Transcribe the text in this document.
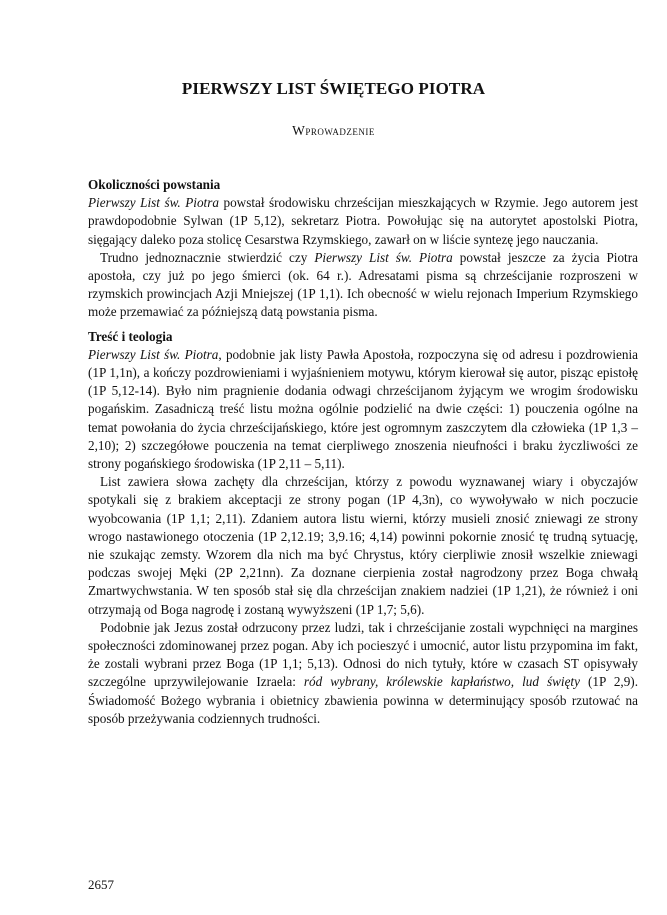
PIERWSZY LIST ŚWIĘTEGO PIOTRA
Wprowadzenie
Okoliczności powstania

Pierwszy List św. Piotra powstał środowisku chrześcijan mieszkających w Rzymie. Jego autorem jest prawdopodobnie Sylwan (1P 5,12), sekretarz Piotra. Powołując się na autorytet apostolski Piotra, sięgający daleko poza stolicę Cesarstwa Rzymskiego, zawarł on w liście syntezę jego nauczania.

Trudno jednoznacznie stwierdzić czy Pierwszy List św. Piotra powstał jeszcze za życia Piotra apostoła, czy już po jego śmierci (ok. 64 r.). Adresatami pisma są chrześcijanie rozproszeni w rzymskich prowincjach Azji Mniejszej (1P 1,1). Ich obecność w wielu rejonach Imperium Rzymskiego może przemawiać za późniejszą datą powstania pisma.

Treść i teologia

Pierwszy List św. Piotra, podobnie jak listy Pawła Apostoła, rozpoczyna się od adresu i pozdrowienia (1P 1,1n), a kończy pozdrowieniami i wyjaśnieniem motywu, którym kierował się autor, pisząc epistołę (1P 5,12-14). Było nim pragnienie dodania odwagi chrześcijanom żyjącym we wrogim środowisku pogańskim. Zasadniczą treść listu można ogólnie podzielić na dwie części: 1) pouczenia ogólne na temat powołania do życia chrześcijańskiego, które jest ogromnym zaszczytem dla człowieka (1P 1,3 – 2,10); 2) szczegółowe pouczenia na temat cierpliwego znoszenia nieufności i braku życzliwości ze strony pogańskiego środowiska (1P 2,11 – 5,11).

List zawiera słowa zachęty dla chrześcijan, którzy z powodu wyznawanej wiary i obyczajów spotykali się z brakiem akceptacji ze strony pogan (1P 4,3n), co wywoływało w nich poczucie wyobcowania (1P 1,1; 2,11). Zdaniem autora listu wierni, którzy musieli znosić zniewagi ze strony wrogo nastawionego otoczenia (1P 2,12.19; 3,9.16; 4,14) powinni pokornie znosić tę trudną sytuację, nie szukając zemsty. Wzorem dla nich ma być Chrystus, który cierpliwie znosił wszelkie zniewagi podczas swojej Męki (2P 2,21nn). Za doznane cierpienia został nagrodzony przez Boga chwałą Zmartwychwstania. W ten sposób stał się dla chrześcijan znakiem nadziei (1P 1,21), że również i oni otrzymają od Boga nagrodę i zostaną wywyższeni (1P 1,7; 5,6).

Podobnie jak Jezus został odrzucony przez ludzi, tak i chrześcijanie zostali wypchnięci na margines społeczności zdominowanej przez pogan. Aby ich pocieszyć i umocnić, autor listu przypomina im fakt, że zostali wybrani przez Boga (1P 1,1; 5,13). Odnosi do nich tytuły, które w czasach ST opisywały szczególne uprzywilejowanie Izraela: ród wybrany, królewskie kapłaństwo, lud święty (1P 2,9). Świadomość Bożego wybrania i obietnicy zbawienia powinna w determinujący sposób rzutować na sposób przeżywania codziennych trudności.

2657
